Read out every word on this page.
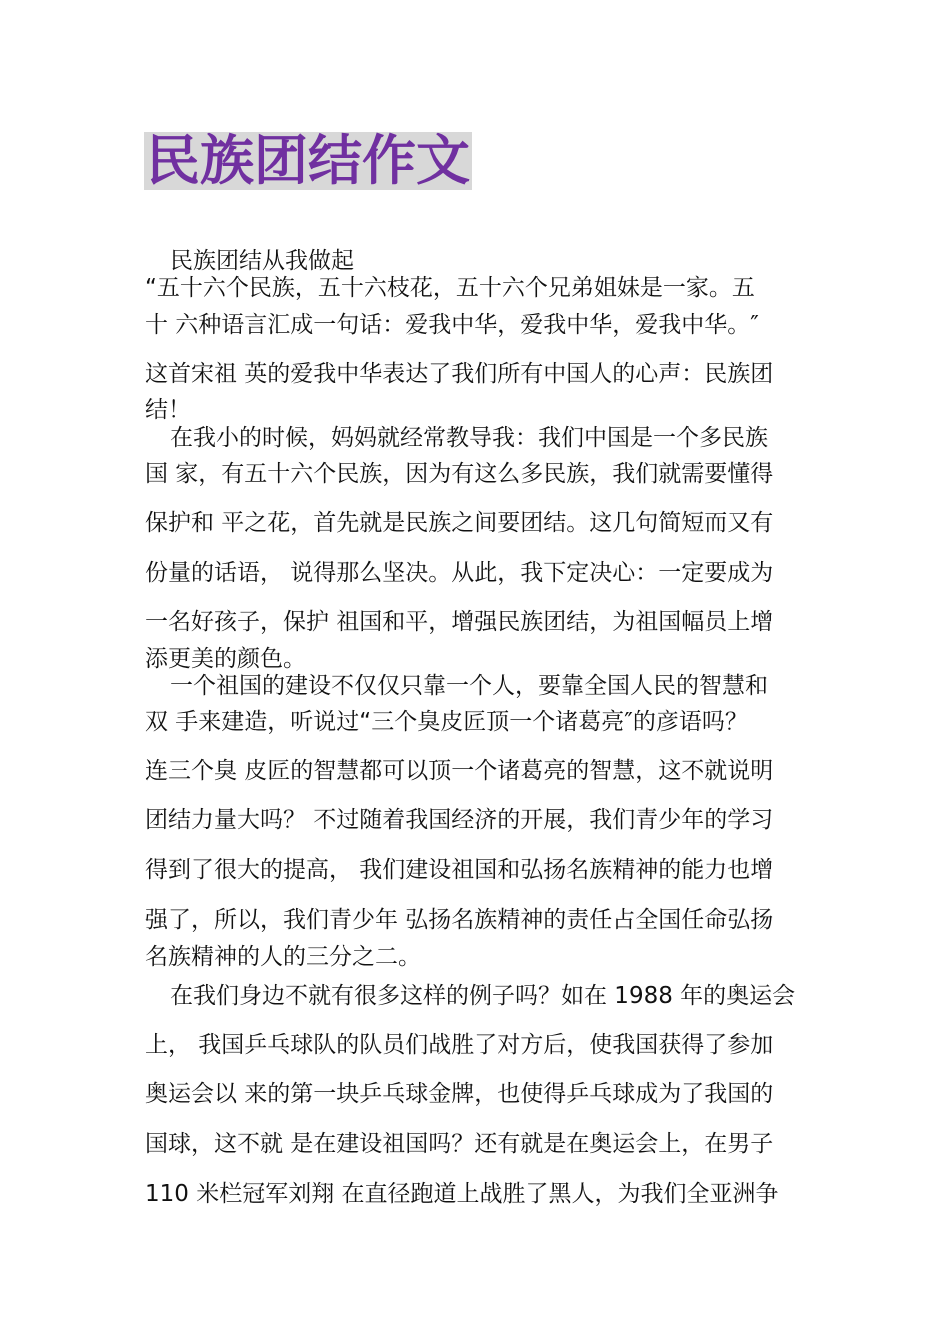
民族团结作文
民族团结从我做起
“五十六个民族，五十六枝花，五十六个兄弟姐妹是一家。五
十 六种语言汇成一句话：爱我中华，爱我中华，爱我中华。″
这首宋祖 英的爱我中华表达了我们所有中国人的心声：民族团
结！
在我小的时候，妈妈就经常教导我：我们中国是一个多民族
国 家，有五十六个民族，因为有这么多民族，我们就需要懂得
保护和 平之花，首先就是民族之间要团结。这几句简短而又有
份量的话语， 说得那么坚决。从此，我下定决心：一定要成为
一名好孩子，保护 祖国和平，增强民族团结，为祖国幅员上增
添更美的颜色。
一个祖国的建设不仅仅只靠一个人，要靠全国人民的智慧和
双 手来建造，听说过“三个臭皮匠顶一个诸葛亮″的彦语吗？
连三个臭 皮匠的智慧都可以顶一个诸葛亮的智慧，这不就说明
团结力量大吗？ 不过随着我国经济的开展，我们青少年的学习
得到了很大的提高， 我们建设祖国和弘扬名族精神的能力也增
强了，所以，我们青少年 弘扬名族精神的责任占全国任命弘扬
名族精神的人的三分之二。
在我们身边不就有很多这样的例子吗？如在 1988 年的奥运会
上， 我国乒乓球队的队员们战胜了对方后，使我国获得了参加
奥运会以 来的第一块乒乓球金牌，也使得乒乓球成为了我国的
国球，这不就 是在建设祖国吗？还有就是在奥运会上，在男子
110 米栏冠军刘翔 在直径跑道上战胜了黑人，为我们全亚洲争
